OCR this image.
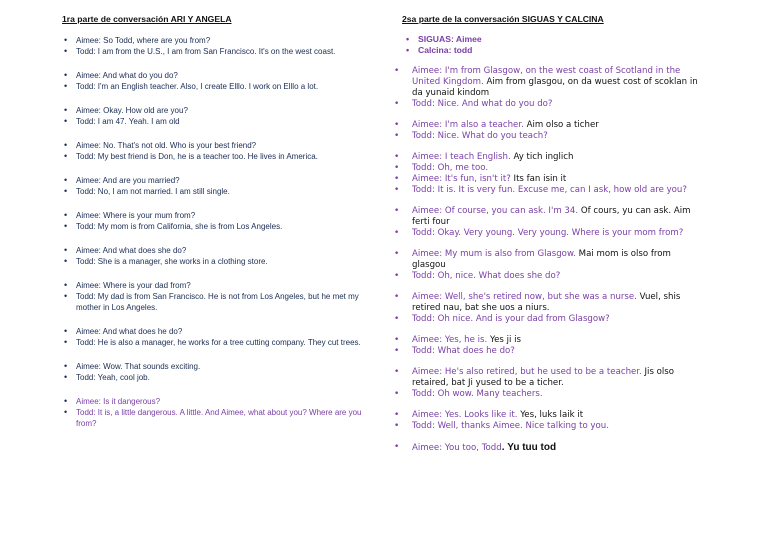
1ra parte de conversación ARI Y ANGELA

• Aimee: So Todd, where are you from?
• Todd: I am from the U.S., I am from San Francisco. It's on the west coast.
• Aimee: And what do you do?
• Todd: I'm an English teacher. Also, I create Elllo. I work on Elllo a lot.
• Aimee: Okay. How old are you?
• Todd: I am 47. Yeah. I am old
• Aimee: No. That's not old. Who is your best friend?
• Todd: My best friend is Don, he is a teacher too. He lives in America.
• Aimee: And are you married?
• Todd: No, I am not married. I am still single.
• Aimee: Where is your mum from?
• Todd: My mom is from California, she is from Los Angeles.
• Aimee: And what does she do?
• Todd: She is a manager, she works in a clothing store.
• Aimee: Where is your dad from?
• Todd: My dad is from San Francisco. He is not from Los Angeles, but he met my mother in Los Angeles.
• Aimee: And what does he do?
• Todd: He is also a manager, he works for a tree cutting company. They cut trees.
• Aimee: Wow. That sounds exciting.
• Todd: Yeah, cool job.
• Aimee: Is it dangerous?
• Todd: It is, a little dangerous. A little. And Aimee, what about you? Where are you from?

2sa parte de la conversación SIGUAS Y CALCINA

• SIGUAS: Aimee
• Calcina: todd
• Aimee: I'm from Glasgow, on the west coast of Scotland in the United Kingdom. Aim from glasgou, on da wuest cost of scoklan in da yunaid kindom
• Todd: Nice. And what do you do?
• Aimee: I'm also a teacher. Aim olso a ticher
• Todd: Nice. What do you teach?
• Aimee: I teach English. Ay tich inglich
• Todd: Oh, me too.
• Aimee: It's fun, isn't it? Its fan isin it
• Todd: It is. It is very fun. Excuse me, can I ask, how old are you?
• Aimee: Of course, you can ask. I'm 34. Of cours, yu can ask. Aim ferti four
• Todd: Okay. Very young. Very young. Where is your mom from?
• Aimee: My mum is also from Glasgow. Mai mom is olso from glasgou
• Todd: Oh, nice. What does she do?
• Aimee: Well, she's retired now, but she was a nurse. Vuel, shis retired nau, bat she uos a niurs.
• Todd: Oh nice. And is your dad from Glasgow?
• Aimee: Yes, he is. Yes ji is
• Todd: What does he do?
• Aimee: He's also retired, but he used to be a teacher. Jis olso retaired, bat Ji yused to be a ticher.
• Todd: Oh wow. Many teachers.
• Aimee: Yes. Looks like it. Yes, luks laik it
• Todd: Well, thanks Aimee. Nice talking to you.
• Aimee: You too, Todd. Yu tuu tod
